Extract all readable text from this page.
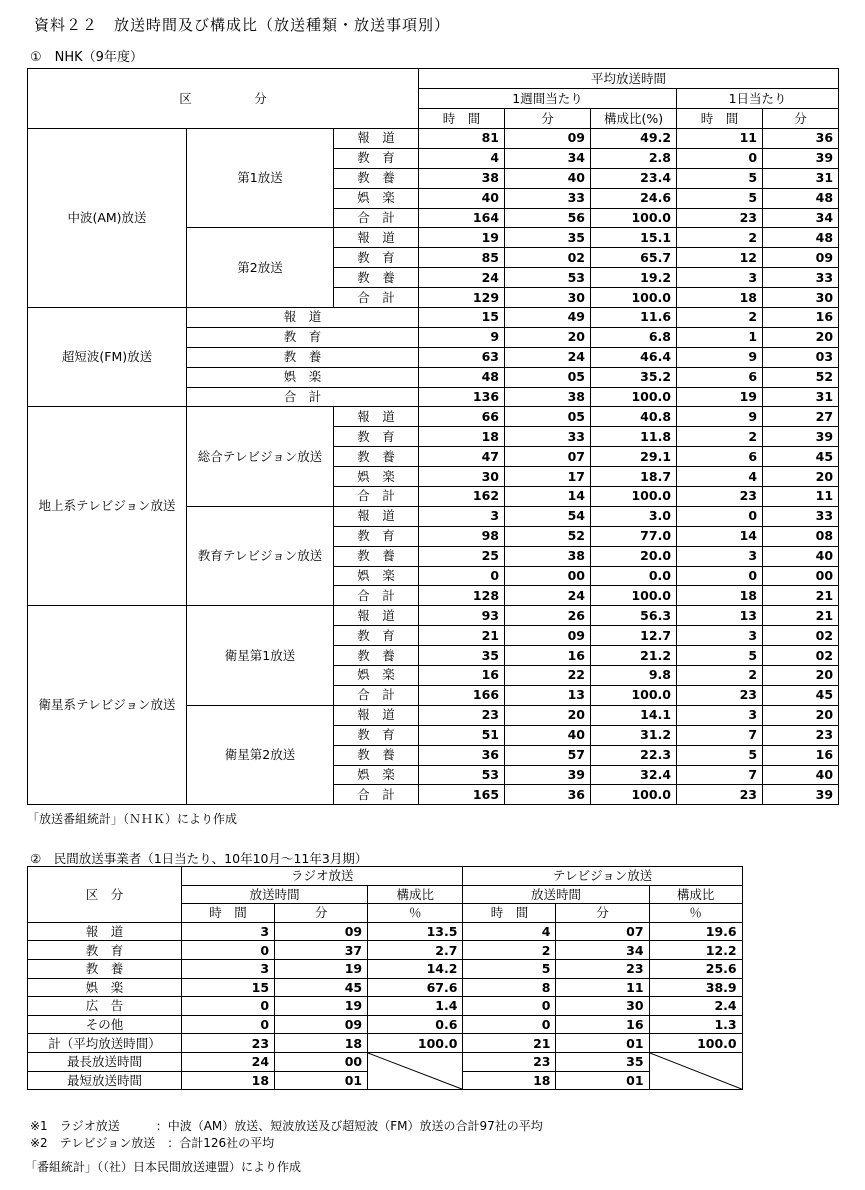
資料２２　放送時間及び構成比（放送種類・放送事項別）
①　NHK（9年度）
区　　　　　分			平均放送時間				
			1週間当たり			1日当たり	
			時　間	分	構成比(%)	時　間	分
中波(AM)放送	第1放送	報　道	81	09	49.2	11	36
		教　育	4	34	2.8	0	39
		教　養	38	40	23.4	5	31
		娯　楽	40	33	24.6	5	48
		合　計	164	56	100.0	23	34
	第2放送	報　道	19	35	15.1	2	48
		教　育	85	02	65.7	12	09
		教　養	24	53	19.2	3	33
		合　計	129	30	100.0	18	30
超短波(FM)放送	報　道		15	49	11.6	2	16
	教　育		9	20	6.8	1	20
	教　養		63	24	46.4	9	03
	娯　楽		48	05	35.2	6	52
	合　計		136	38	100.0	19	31
地上系テレビジョン放送	総合テレビジョン放送	報　道	66	05	40.8	9	27
		教　育	18	33	11.8	2	39
		教　養	47	07	29.1	6	45
		娯　楽	30	17	18.7	4	20
		合　計	162	14	100.0	23	11
	教育テレビジョン放送	報　道	3	54	3.0	0	33
		教　育	98	52	77.0	14	08
		教　養	25	38	20.0	3	40
		娯　楽	0	00	0.0	0	00
		合　計	128	24	100.0	18	21
衛星系テレビジョン放送	衛星第1放送	報　道	93	26	56.3	13	21
		教　育	21	09	12.7	3	02
		教　養	35	16	21.2	5	02
		娯　楽	16	22	9.8	2	20
		合　計	166	13	100.0	23	45
	衛星第2放送	報　道	23	20	14.1	3	20
		教　育	51	40	31.2	7	23
		教　養	36	57	22.3	5	16
		娯　楽	53	39	32.4	7	40
		合　計	165	36	100.0	23	39
「放送番組統計」（ＮＨＫ）により作成
②　民間放送事業者（1日当たり、10年10月～11年3月期）
区　分	ラジオ放送			テレビジョン放送		
	放送時間		構成比	放送時間		構成比
	時　間	分	％	時　間	分	％
報　道	3	09	13.5	4	07	19.6
教　育	0	37	2.7	2	34	12.2
教　養	3	19	14.2	5	23	25.6
娯　楽	15	45	67.6	8	11	38.9
広　告	0	19	1.4	0	30	2.4
その他	0	09	0.6	0	16	1.3
計（平均放送時間）	23	18	100.0	21	01	100.0
最長放送時間	24	00		23	35	

最短放送時間	18	01		18	01	
※1　ラジオ放送　　　：中波（AM）放送、短波放送及び超短波（FM）放送の合計97社の平均
※2　テレビジョン放送　：合計126社の平均
「番組統計」（（社）日本民間放送連盟）により作成
